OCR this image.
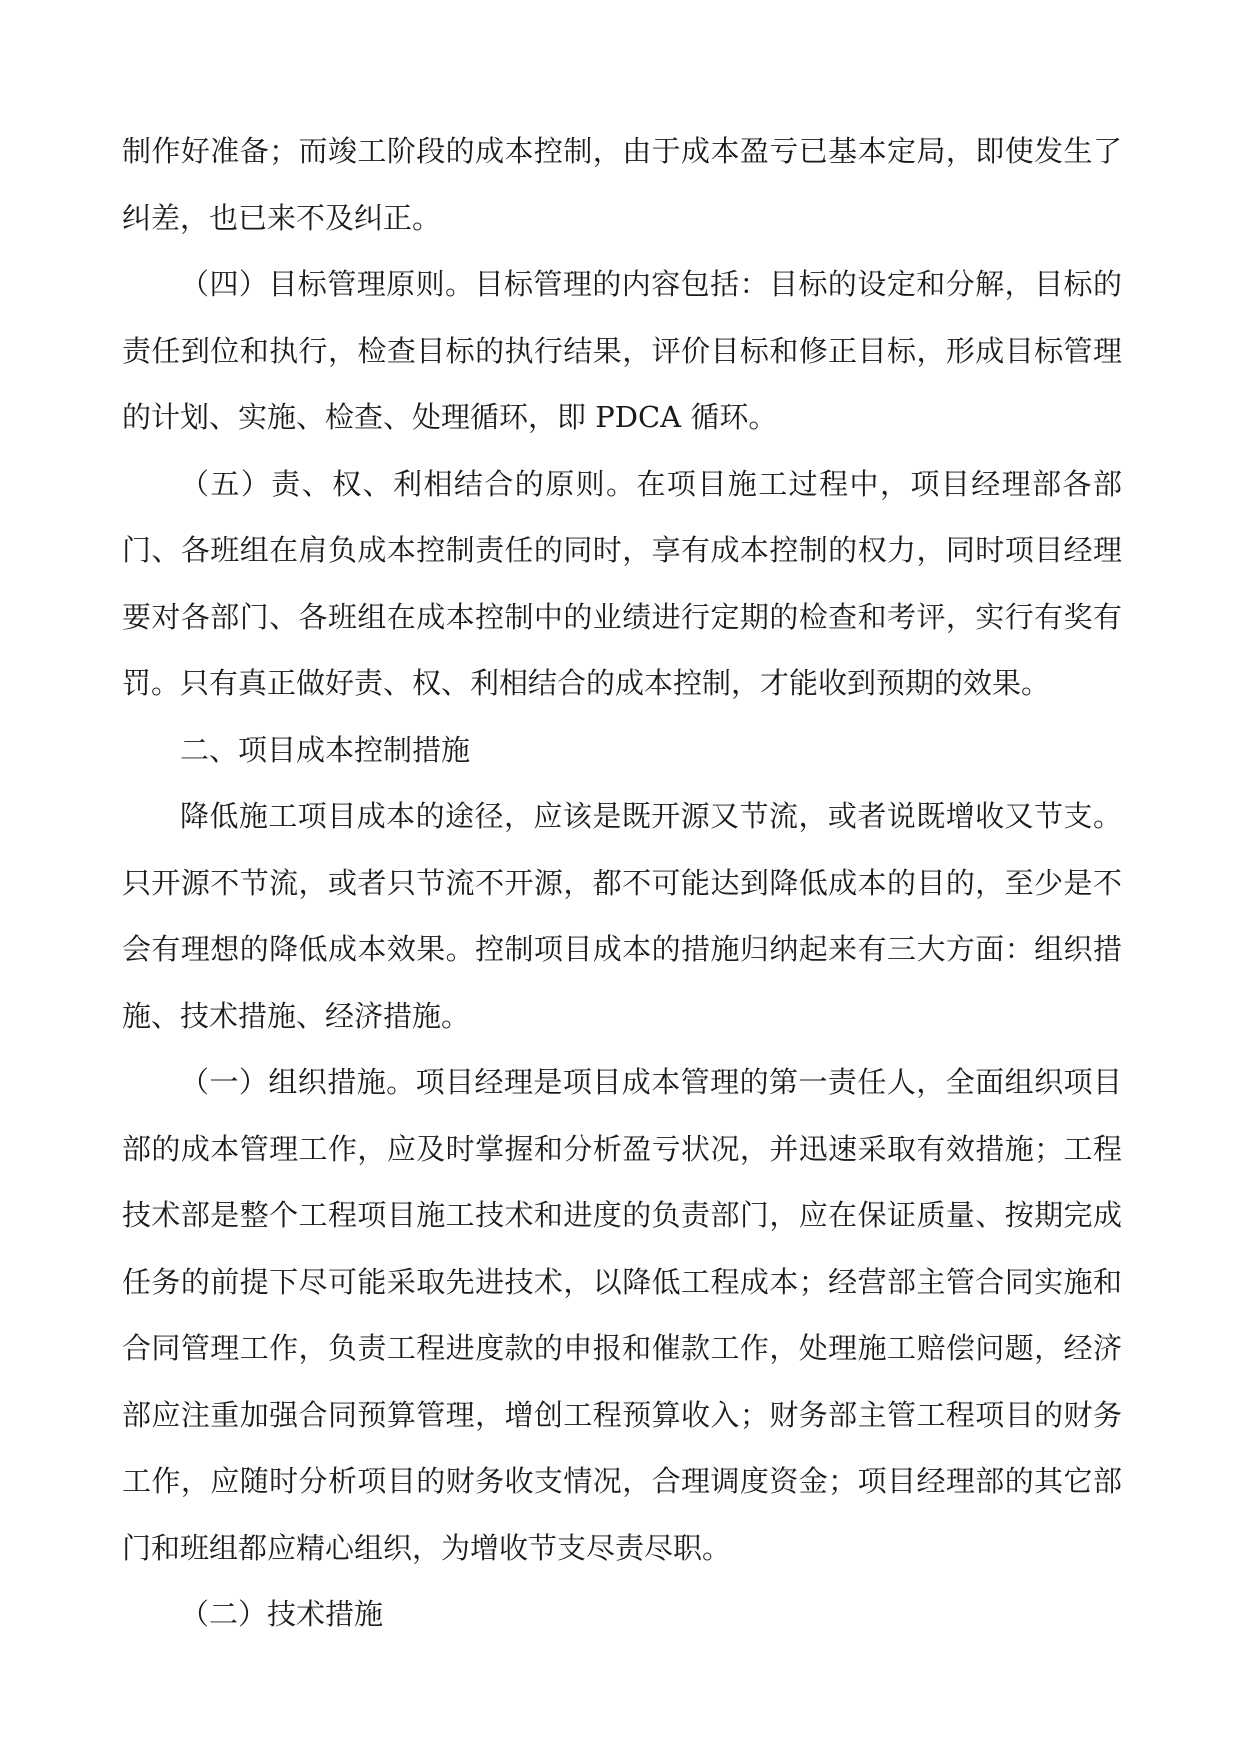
制作好准备；而竣工阶段的成本控制，由于成本盈亏已基本定局，即使发生了纠差，也已来不及纠正。

（四）目标管理原则。目标管理的内容包括：目标的设定和分解，目标的责任到位和执行，检查目标的执行结果，评价目标和修正目标，形成目标管理的计划、实施、检查、处理循环，即 PDCA 循环。

（五）责、权、利相结合的原则。在项目施工过程中，项目经理部各部门、各班组在肩负成本控制责任的同时，享有成本控制的权力，同时项目经理要对各部门、各班组在成本控制中的业绩进行定期的检查和考评，实行有奖有罚。只有真正做好责、权、利相结合的成本控制，才能收到预期的效果。

二、项目成本控制措施

降低施工项目成本的途径，应该是既开源又节流，或者说既增收又节支。只开源不节流，或者只节流不开源，都不可能达到降低成本的目的，至少是不会有理想的降低成本效果。控制项目成本的措施归纳起来有三大方面：组织措施、技术措施、经济措施。

（一）组织措施。项目经理是项目成本管理的第一责任人，全面组织项目部的成本管理工作，应及时掌握和分析盈亏状况，并迅速采取有效措施；工程技术部是整个工程项目施工技术和进度的负责部门，应在保证质量、按期完成任务的前提下尽可能采取先进技术，以降低工程成本；经营部主管合同实施和合同管理工作，负责工程进度款的申报和催款工作，处理施工赔偿问题，经济部应注重加强合同预算管理，增创工程预算收入；财务部主管工程项目的财务工作，应随时分析项目的财务收支情况，合理调度资金；项目经理部的其它部门和班组都应精心组织，为增收节支尽责尽职。

（二）技术措施
